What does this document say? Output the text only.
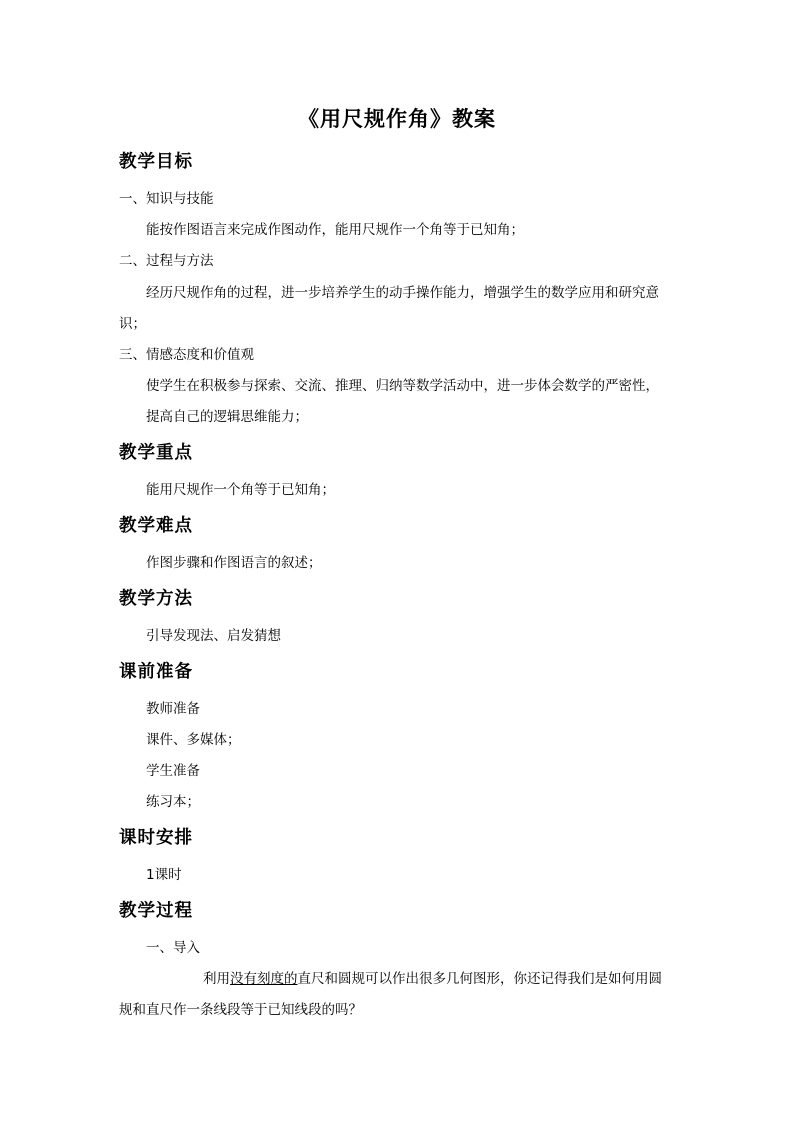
《用尺规作角》教案
教学目标
一、知识与技能
能按作图语言来完成作图动作，能用尺规作一个角等于已知角；
二、过程与方法
经历尺规作角的过程，进一步培养学生的动手操作能力，增强学生的数学应用和研究意
识；
三、情感态度和价值观
使学生在积极参与探索、交流、推理、归纳等数学活动中，进一步体会数学的严密性，
提高自己的逻辑思维能力；
教学重点
能用尺规作一个角等于已知角；
教学难点
作图步骤和作图语言的叙述；
教学方法
引导发现法、启发猜想
课前准备
教师准备
课件、多媒体；
学生准备
练习本；
课时安排
1课时
教学过程
一、导入
利用没有刻度的直尺和圆规可以作出很多几何图形，你还记得我们是如何用圆
规和直尺作一条线段等于已知线段的吗？
